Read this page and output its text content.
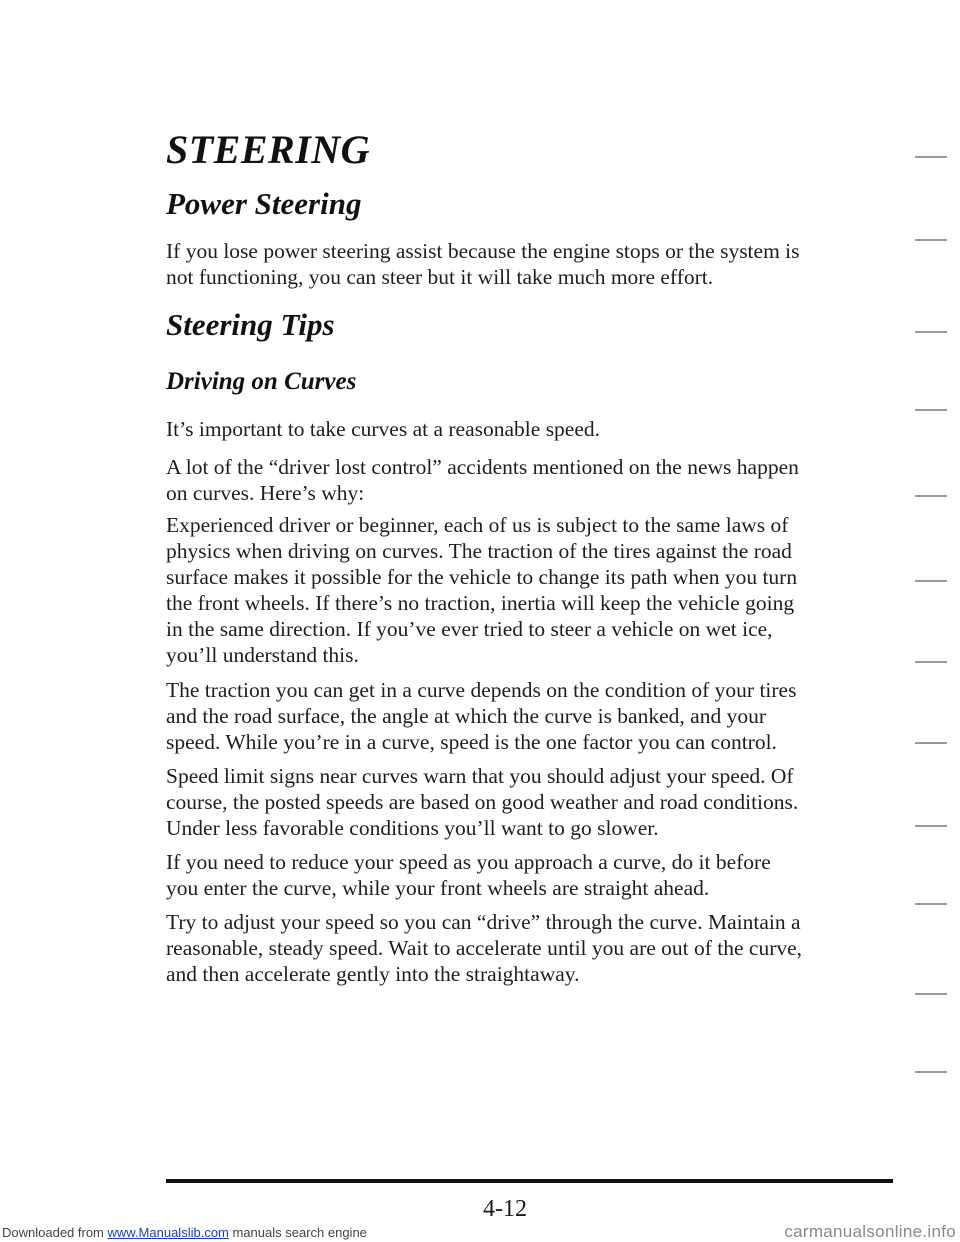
STEERING
Power Steering

If you lose power steering assist because the engine stops or the system is
not functioning, you can steer but it will take much more effort.

Steering Tips
Driving on Curves

It’s important to take curves at a reasonable speed.

A lot of the “driver lost control” accidents mentioned on the news happen
on curves. Here’s why:

Experienced driver or beginner, each of us is subject to the same laws of
physics when driving on curves. The traction of the tires against the road
surface makes it possible for the vehicle to change its path when you turn
the front wheels. If there’s no traction, inertia will keep the vehicle going
in the same direction. If you’ve ever tried to steer a vehicle on wet ice,
you’ll understand this.

The traction you can get in a curve depends on the condition of your tires
and the road surface, the angle at which the curve is banked, and your
speed. While you’re in a curve, speed is the one factor you can control.

Speed limit signs near curves warn that you should adjust your speed. Of
course, the posted speeds are based on good weather and road conditions.
Under less favorable conditions you’ll want to go slower.

If you need to reduce your speed as you approach a curve, do it before
you enter the curve, while your front wheels are straight ahead.

Try to adjust your speed so you can “drive” through the curve. Maintain a
reasonable, steady speed. Wait to accelerate until you are out of the curve,
and then accelerate gently into the straightaway.

4-12
Downloaded from www.Manualslib.com manuals search engine	carmanualsonline.info
